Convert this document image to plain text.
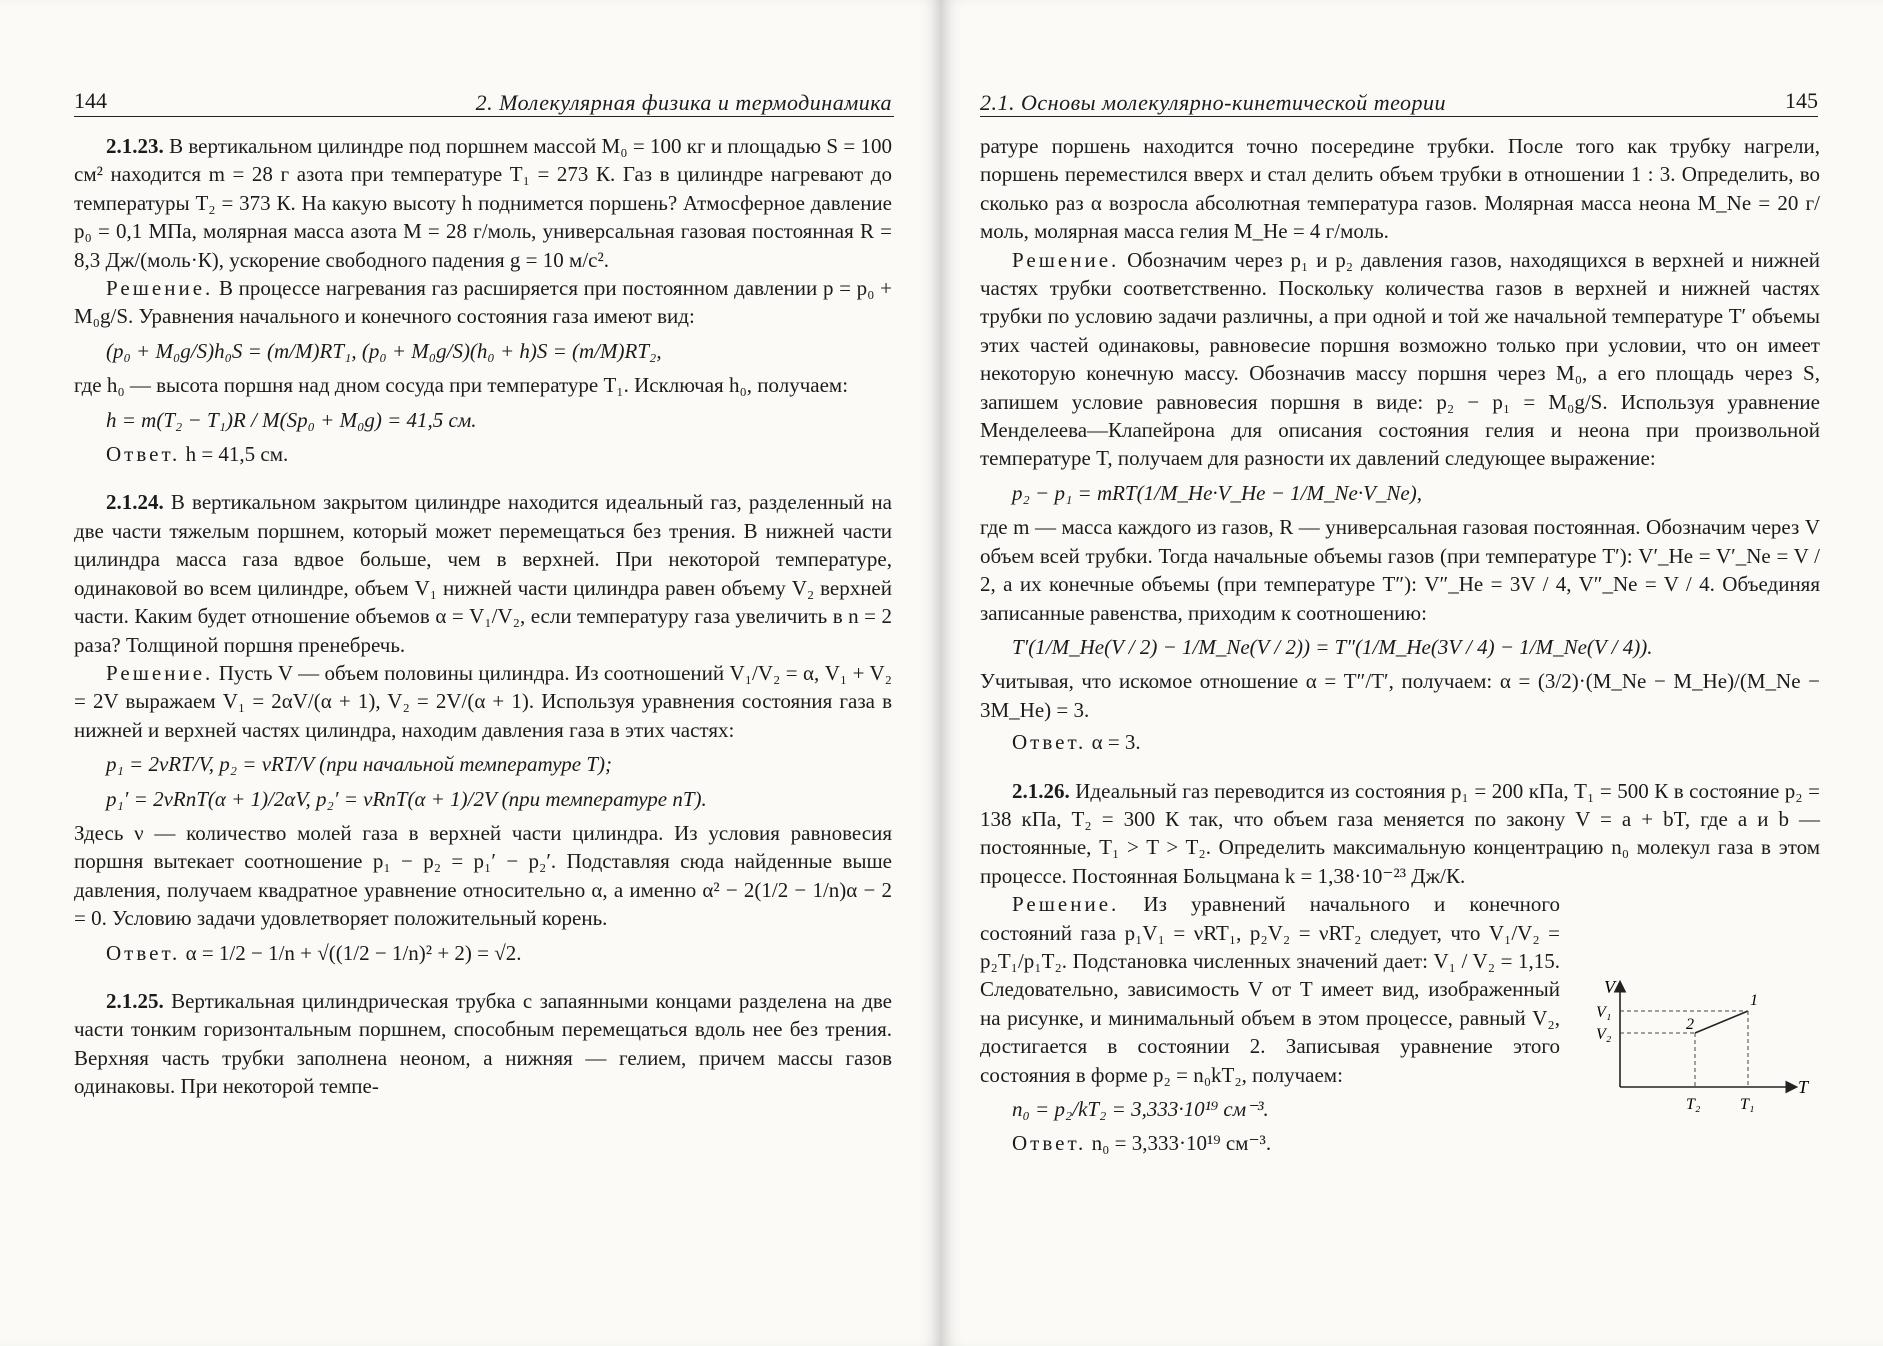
144	2. Молекулярная физика и термодинамика

2.1.23. В вертикальном цилиндре под поршнем массой M₀ = 100 кг и площадью S = 100 см² находится m = 28 г азота при температуре T₁ = 273 К. Газ в цилиндре нагревают до температуры T₂ = 373 К. На какую высоту h поднимется поршень? Атмосферное давление p₀ = 0,1 МПа, молярная масса азота M = 28 г/моль, универсальная газовая постоянная R = 8,3 Дж/(моль·К), ускорение свободного падения g = 10 м/с².

Решение. В процессе нагревания газ расширяется при постоянном давлении p = p₀ + M₀g/S. Уравнения начального и конечного состояния газа имеют вид:

(p₀ + M₀g/S)h₀S = (m/M)RT₁, (p₀ + M₀g/S)(h₀ + h)S = (m/M)RT₂,

где h₀ — высота поршня над дном сосуда при температуре T₁. Исключая h₀, получаем:

h = m(T₂ − T₁)R / M(Sp₀ + M₀g) = 41,5 см.

Ответ. h = 41,5 см.

2.1.24. В вертикальном закрытом цилиндре находится идеальный газ, разделенный на две части тяжелым поршнем, который может перемещаться без трения. В нижней части цилиндра масса газа вдвое больше, чем в верхней. При некоторой температуре, одинаковой во всем цилиндре, объем V₁ нижней части цилиндра равен объему V₂ верхней части. Каким будет отношение объемов α = V₁/V₂, если температуру газа увеличить в n = 2 раза? Толщиной поршня пренебречь.

Решение. Пусть V — объем половины цилиндра. Из соотношений V₁/V₂ = α, V₁ + V₂ = 2V выражаем V₁ = 2αV/(α + 1), V₂ = 2V/(α + 1). Используя уравнения состояния газа в нижней и верхней частях цилиндра, находим давления газа в этих частях:

p₁ = 2νRT/V, p₂ = νRT/V (при начальной температуре T);
p₁′ = 2νRnT(α + 1)/2αV, p₂′ = νRnT(α + 1)/2V (при температуре nT).

Здесь ν — количество молей газа в верхней части цилиндра. Из условия равновесия поршня вытекает соотношение p₁ − p₂ = p₁′ − p₂′. Подставляя сюда найденные выше давления, получаем квадратное уравнение относительно α, а именно α² − 2(1/2 − 1/n)α − 2 = 0. Условию задачи удовлетворяет положительный корень.

Ответ. α = 1/2 − 1/n + √((1/2 − 1/n)² + 2) = √2.

2.1.25. Вертикальная цилиндрическая трубка с запаянными концами разделена на две части тонким горизонтальным поршнем, способным перемещаться вдоль нее без трения. Верхняя часть трубки заполнена неоном, а нижняя — гелием, причем массы газов одинаковы. При некоторой темпе-

2.1. Основы молекулярно-кинетической теории	145

ратуре поршень находится точно посередине трубки. После того как трубку нагрели, поршень переместился вверх и стал делить объем трубки в отношении 1 : 3. Определить, во сколько раз α возросла абсолютная температура газов. Молярная масса неона M_Ne = 20 г/моль, молярная масса гелия M_He = 4 г/моль.

Решение. Обозначим через p₁ и p₂ давления газов, находящихся в верхней и нижней частях трубки соответственно. Поскольку количества газов в верхней и нижней частях трубки по условию задачи различны, а при одной и той же начальной температуре T′ объемы этих частей одинаковы, равновесие поршня возможно только при условии, что он имеет некоторую конечную массу. Обозначив массу поршня через M₀, а его площадь через S, запишем условие равновесия поршня в виде: p₂ − p₁ = M₀g/S. Используя уравнение Менделеева—Клапейрона для описания состояния гелия и неона при произвольной температуре T, получаем для разности их давлений следующее выражение:

p₂ − p₁ = mRT(1/M_He·V_He − 1/M_Ne·V_Ne),

где m — масса каждого из газов, R — универсальная газовая постоянная. Обозначим через V объем всей трубки. Тогда начальные объемы газов (при температуре T′): V′_He = V′_Ne = V / 2, а их конечные объемы (при температуре T″): V″_He = 3V / 4, V″_Ne = V / 4. Объединяя записанные равенства, приходим к соотношению:

T′(1/M_He(V / 2) − 1/M_Ne(V / 2)) = T″(1/M_He(3V / 4) − 1/M_Ne(V / 4)).

Учитывая, что искомое отношение α = T″/T′, получаем: α = (3/2)·(M_Ne − M_He)/(M_Ne − 3M_He) = 3.

Ответ. α = 3.

2.1.26. Идеальный газ переводится из состояния p₁ = 200 кПа, T₁ = 500 К в состояние p₂ = 138 кПа, T₂ = 300 К так, что объем газа меняется по закону V = a + bT, где a и b — постоянные, T₁ > T > T₂. Определить максимальную концентрацию n₀ молекул газа в этом процессе. Постоянная Больцмана k = 1,38·10⁻²³ Дж/К.

Решение. Из уравнений начального и конечного состояний газа p₁V₁ = νRT₁, p₂V₂ = νRT₂ следует, что V₁/V₂ = p₂T₁/p₁T₂. Подстановка численных значений дает: V₁ / V₂ = 1,15. Следовательно, зависимость V от T имеет вид, изображенный на рисунке, и минимальный объем в этом процессе, равный V₂, достигается в состоянии 2. Записывая уравнение этого состояния в форме p₂ = n₀kT₂, получаем:

n₀ = p₂/kT₂ = 3,333·10¹⁹ см⁻³.

Ответ. n₀ = 3,333·10¹⁹ см⁻³.

V
T
V₁
V₂
T₂ T₁
1
2
